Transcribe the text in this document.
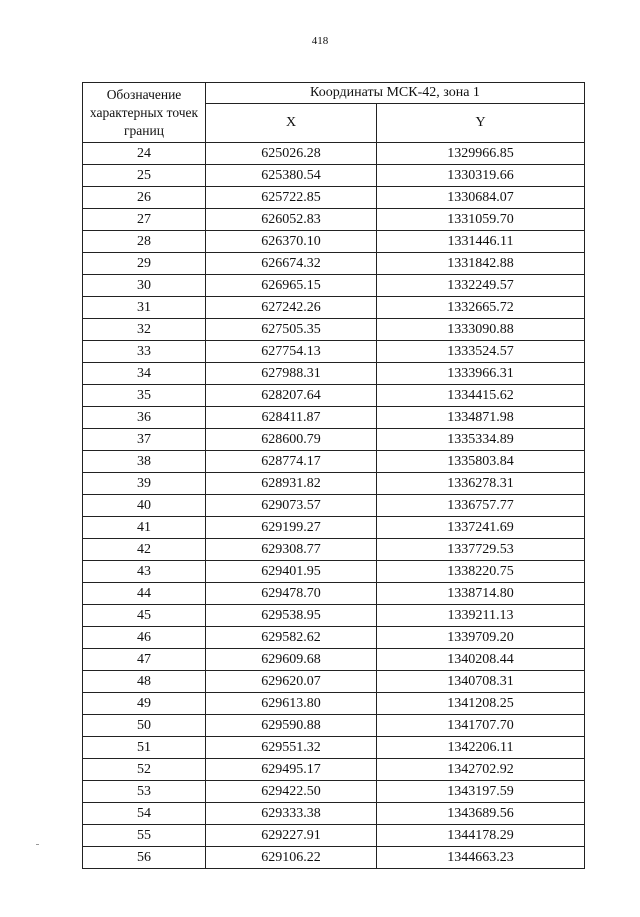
418
Обозначение характерных точек границ	Координаты МСК-42, зона 1	
	X	Y
24	625026.28	1329966.85
25	625380.54	1330319.66
26	625722.85	1330684.07
27	626052.83	1331059.70
28	626370.10	1331446.11
29	626674.32	1331842.88
30	626965.15	1332249.57
31	627242.26	1332665.72
32	627505.35	1333090.88
33	627754.13	1333524.57
34	627988.31	1333966.31
35	628207.64	1334415.62
36	628411.87	1334871.98
37	628600.79	1335334.89
38	628774.17	1335803.84
39	628931.82	1336278.31
40	629073.57	1336757.77
41	629199.27	1337241.69
42	629308.77	1337729.53
43	629401.95	1338220.75
44	629478.70	1338714.80
45	629538.95	1339211.13
46	629582.62	1339709.20
47	629609.68	1340208.44
48	629620.07	1340708.31
49	629613.80	1341208.25
50	629590.88	1341707.70
51	629551.32	1342206.11
52	629495.17	1342702.92
53	629422.50	1343197.59
54	629333.38	1343689.56
55	629227.91	1344178.29
56	629106.22	1344663.23
